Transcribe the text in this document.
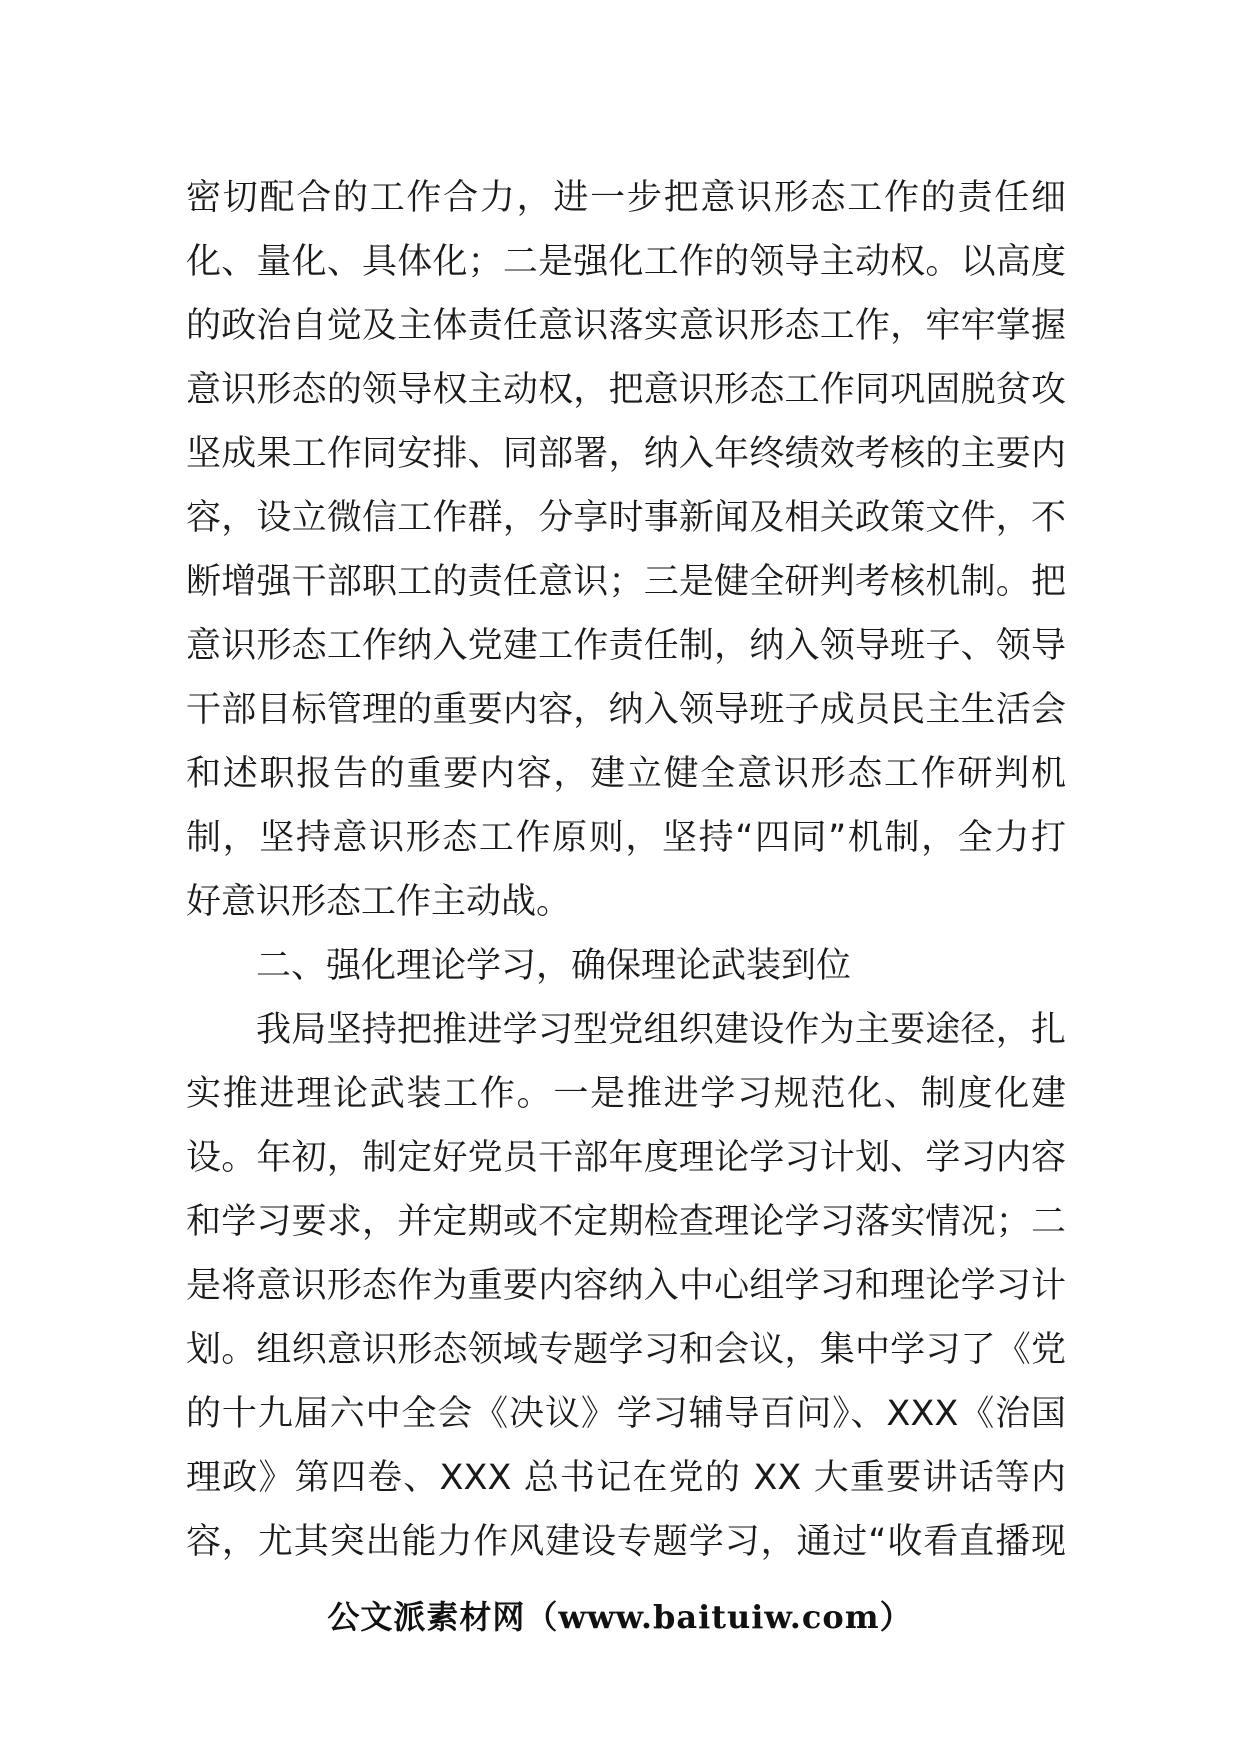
密切配合的工作合力，进一步把意识形态工作的责任细
化、量化、具体化；二是强化工作的领导主动权。以高度
的政治自觉及主体责任意识落实意识形态工作，牢牢掌握
意识形态的领导权主动权，把意识形态工作同巩固脱贫攻
坚成果工作同安排、同部署，纳入年终绩效考核的主要内
容，设立微信工作群，分享时事新闻及相关政策文件，不
断增强干部职工的责任意识；三是健全研判考核机制。把
意识形态工作纳入党建工作责任制，纳入领导班子、领导
干部目标管理的重要内容，纳入领导班子成员民主生活会
和述职报告的重要内容，建立健全意识形态工作研判机
制，坚持意识形态工作原则，坚持“四同”机制，全力打
好意识形态工作主动战。
二、强化理论学习，确保理论武装到位
我局坚持把推进学习型党组织建设作为主要途径，扎
实推进理论武装工作。一是推进学习规范化、制度化建
设。年初，制定好党员干部年度理论学习计划、学习内容
和学习要求，并定期或不定期检查理论学习落实情况；二
是将意识形态作为重要内容纳入中心组学习和理论学习计
划。组织意识形态领域专题学习和会议，集中学习了《党
的十九届六中全会《决议》学习辅导百问》、XXX《治国
理政》第四卷、XXX 总书记在党的 XX 大重要讲话等内
容，尤其突出能力作风建设专题学习，通过“收看直播现
公文派素材网（www.baituiw.com）
